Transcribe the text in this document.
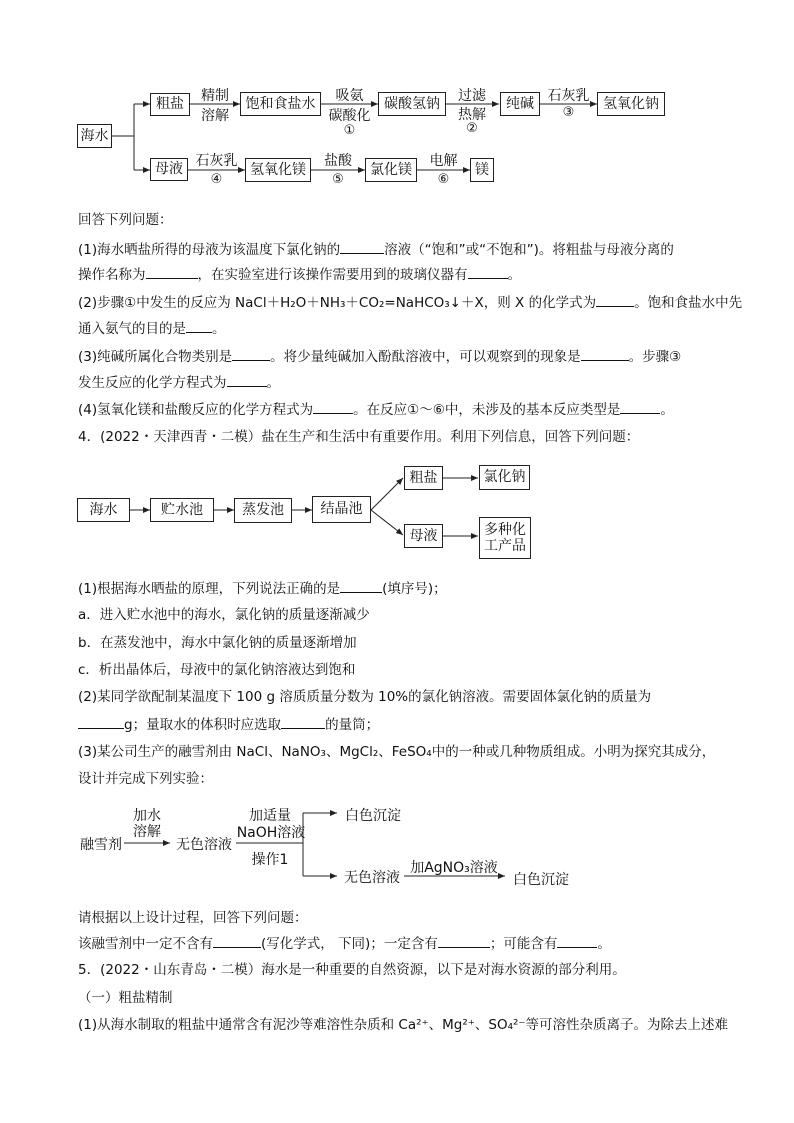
海水
粗盐
精制
溶解
饱和食盐水	吸氨
碳酸化
①
碳酸氢钠	过滤
热解
②
纯碱 石灰乳
③
氢氧化钠
母液
石灰乳
④
氢氧化镁
盐酸
⑤
氯化镁
电解
⑥
镁
回答下列问题：
(1)海水晒盐所得的母液为该温度下氯化钠的	溶液（“饱和”或“不饱和”)。将粗盐与母液分离的
操作名称为	，在实验室进行该操作需要用到的玻璃仪器有	。
(2)步骤①中发生的反应为 NaCl＋H₂O＋NH₃＋CO₂=NaHCO₃↓＋X，则 X 的化学式为	。饱和食盐水中先
通入氨气的目的是 。
(3)纯碱所属化合物类别是	。将少量纯碱加入酚酞溶液中，可以观察到的现象是	。步骤③
发生反应的化学方程式为	。
(4)氢氧化镁和盐酸反应的化学方程式为	。在反应①～⑥中，未涉及的基本反应类型是	。
4．(2022・天津西青・二模）盐在生产和生活中有重要作用。利用下列信息，回答下列问题：
海水	贮水池	蒸发池	结晶池
粗盐	氯化钠
母液	多种化
工产品
(1)根据海水晒盐的原理，下列说法正确的是	(填序号)；
a．进入贮水池中的海水，氯化钠的质量逐渐减少
b．在蒸发池中，海水中氯化钠的质量逐渐增加
c．析出晶体后，母液中的氯化钠溶液达到饱和
(2)某同学欲配制某温度下 100 g 溶质质量分数为 10%的氯化钠溶液。需要固体氯化钠的质量为
g；量取水的体积时应选取	的量筒；
(3)某公司生产的融雪剂由 NaCl、NaNO₃、MgCl₂、FeSO₄中的一种或几种物质组成。小明为探究其成分，
设计并完成下列实验：
融雪剂
加水
溶解
无色溶液
加适量
NaOH溶液
操作1
白色沉淀
无色溶液
加AgNO₃溶液
白色沉淀
请根据以上设计过程，回答下列问题：
该融雪剂中一定不含有	(写化学式， 下同)；一定含有	；可能含有	。
5．(2022・山东青岛・二模）海水是一种重要的自然资源，以下是对海水资源的部分利用。
（一）粗盐精制
(1)从海水制取的粗盐中通常含有泥沙等难溶性杂质和 Ca²⁺、Mg²⁺、SO₄²⁻等可溶性杂质离子。为除去上述难
